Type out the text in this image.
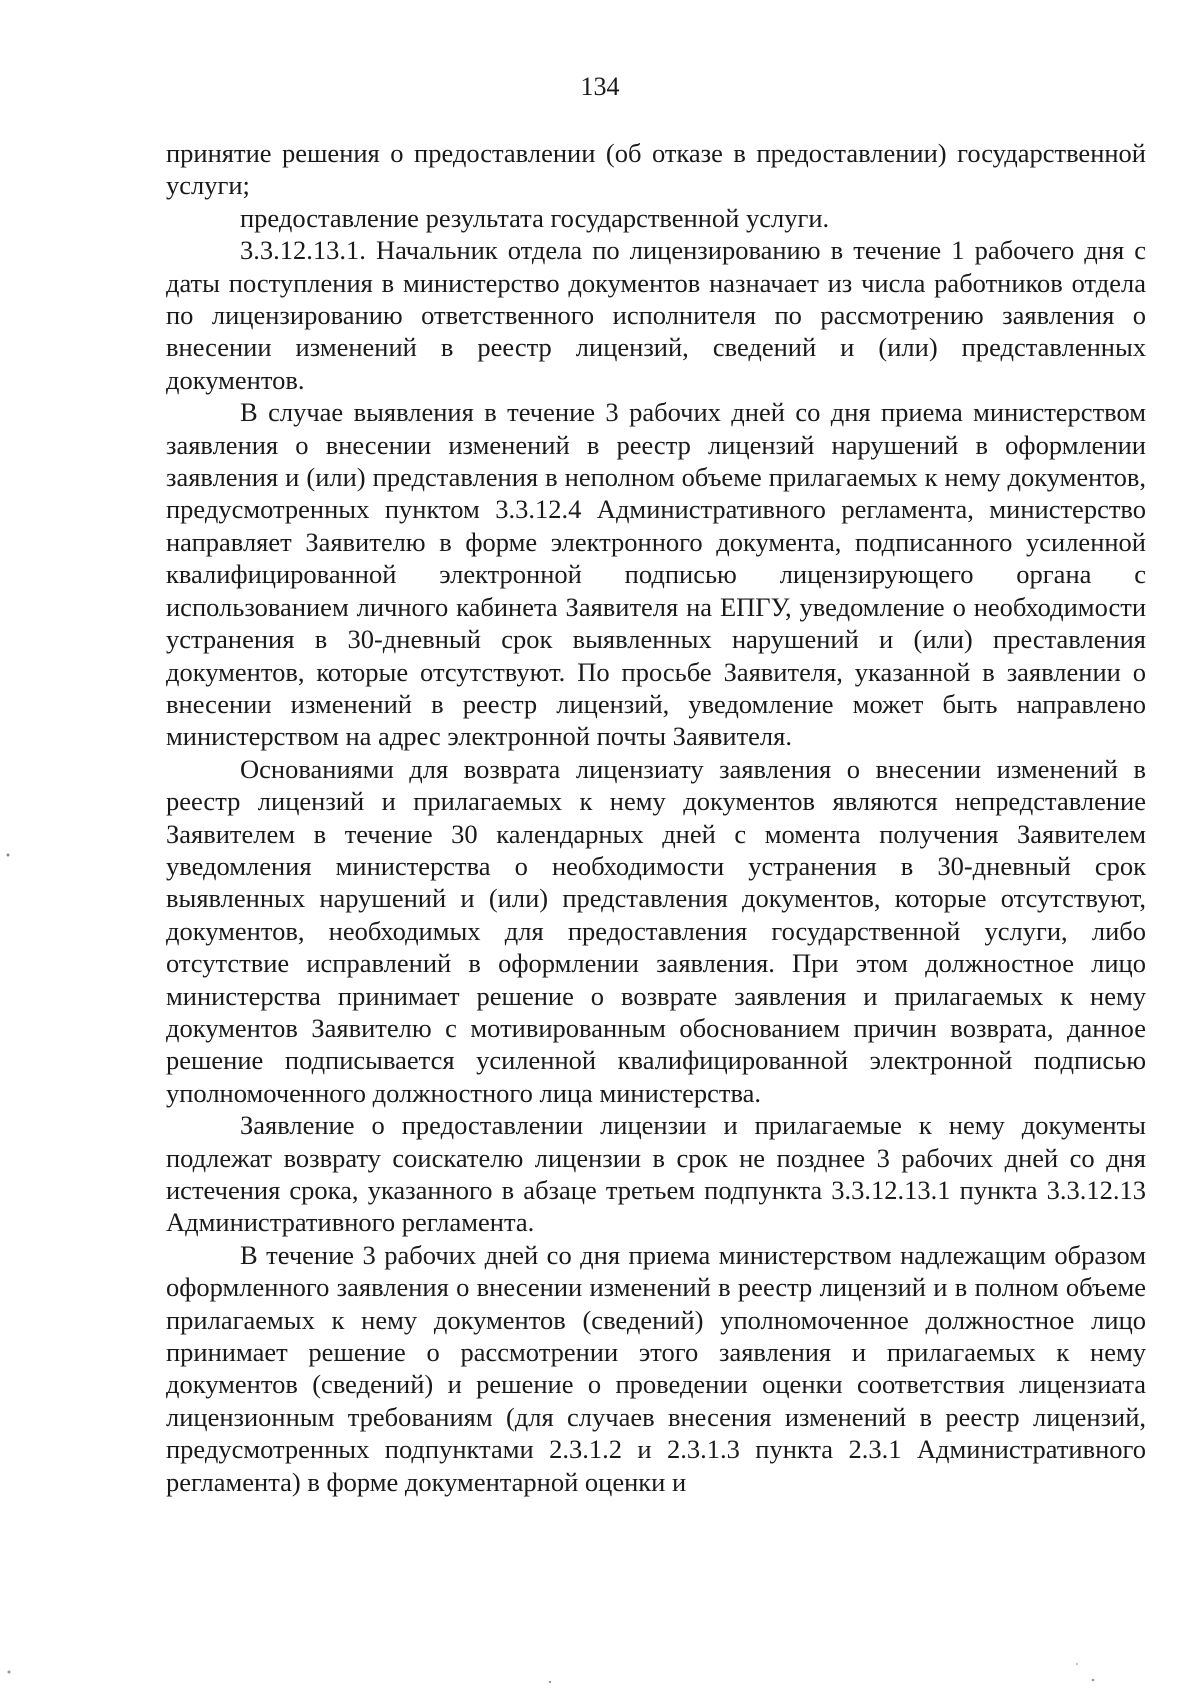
134

принятие решения о предоставлении (об отказе в предоставлении) государственной услуги;

предоставление результата государственной услуги.

3.3.12.13.1. Начальник отдела по лицензированию в течение 1 рабочего дня с даты поступления в министерство документов назначает из числа работников отдела по лицензированию ответственного исполнителя по рассмотрению заявления о внесении изменений в реестр лицензий, сведений и (или) представленных документов.

В случае выявления в течение 3 рабочих дней со дня приема министерством заявления о внесении изменений в реестр лицензий нарушений в оформлении заявления и (или) представления в неполном объеме прилагаемых к нему документов, предусмотренных пунктом 3.3.12.4 Административного регламента, министерство направляет Заявителю в форме электронного документа, подписанного усиленной квалифицированной электронной подписью лицензирующего органа с использованием личного кабинета Заявителя на ЕПГУ, уведомление о необходимости устранения в 30-дневный срок выявленных нарушений и (или) преставления документов, которые отсутствуют. По просьбе Заявителя, указанной в заявлении о внесении изменений в реестр лицензий, уведомление может быть направлено министерством на адрес электронной почты Заявителя.

Основаниями для возврата лицензиату заявления о внесении изменений в реестр лицензий и прилагаемых к нему документов являются непредставление Заявителем в течение 30 календарных дней с момента получения Заявителем уведомления министерства о необходимости устранения в 30-дневный срок выявленных нарушений и (или) представления документов, которые отсутствуют, документов, необходимых для предоставления государственной услуги, либо отсутствие исправлений в оформлении заявления. При этом должностное лицо министерства принимает решение о возврате заявления и прилагаемых к нему документов Заявителю с мотивированным обоснованием причин возврата, данное решение подписывается усиленной квалифицированной электронной подписью уполномоченного должностного лица министерства.

Заявление о предоставлении лицензии и прилагаемые к нему документы подлежат возврату соискателю лицензии в срок не позднее 3 рабочих дней со дня истечения срока, указанного в абзаце третьем подпункта 3.3.12.13.1 пункта 3.3.12.13 Административного регламента.

В течение 3 рабочих дней со дня приема министерством надлежащим образом оформленного заявления о внесении изменений в реестр лицензий и в полном объеме прилагаемых к нему документов (сведений) уполномоченное должностное лицо принимает решение о рассмотрении этого заявления и прилагаемых к нему документов (сведений) и решение о проведении оценки соответствия лицензиата лицензионным требованиям (для случаев внесения изменений в реестр лицензий, предусмотренных подпунктами 2.3.1.2 и 2.3.1.3 пункта 2.3.1 Административного регламента) в форме документарной оценки и
